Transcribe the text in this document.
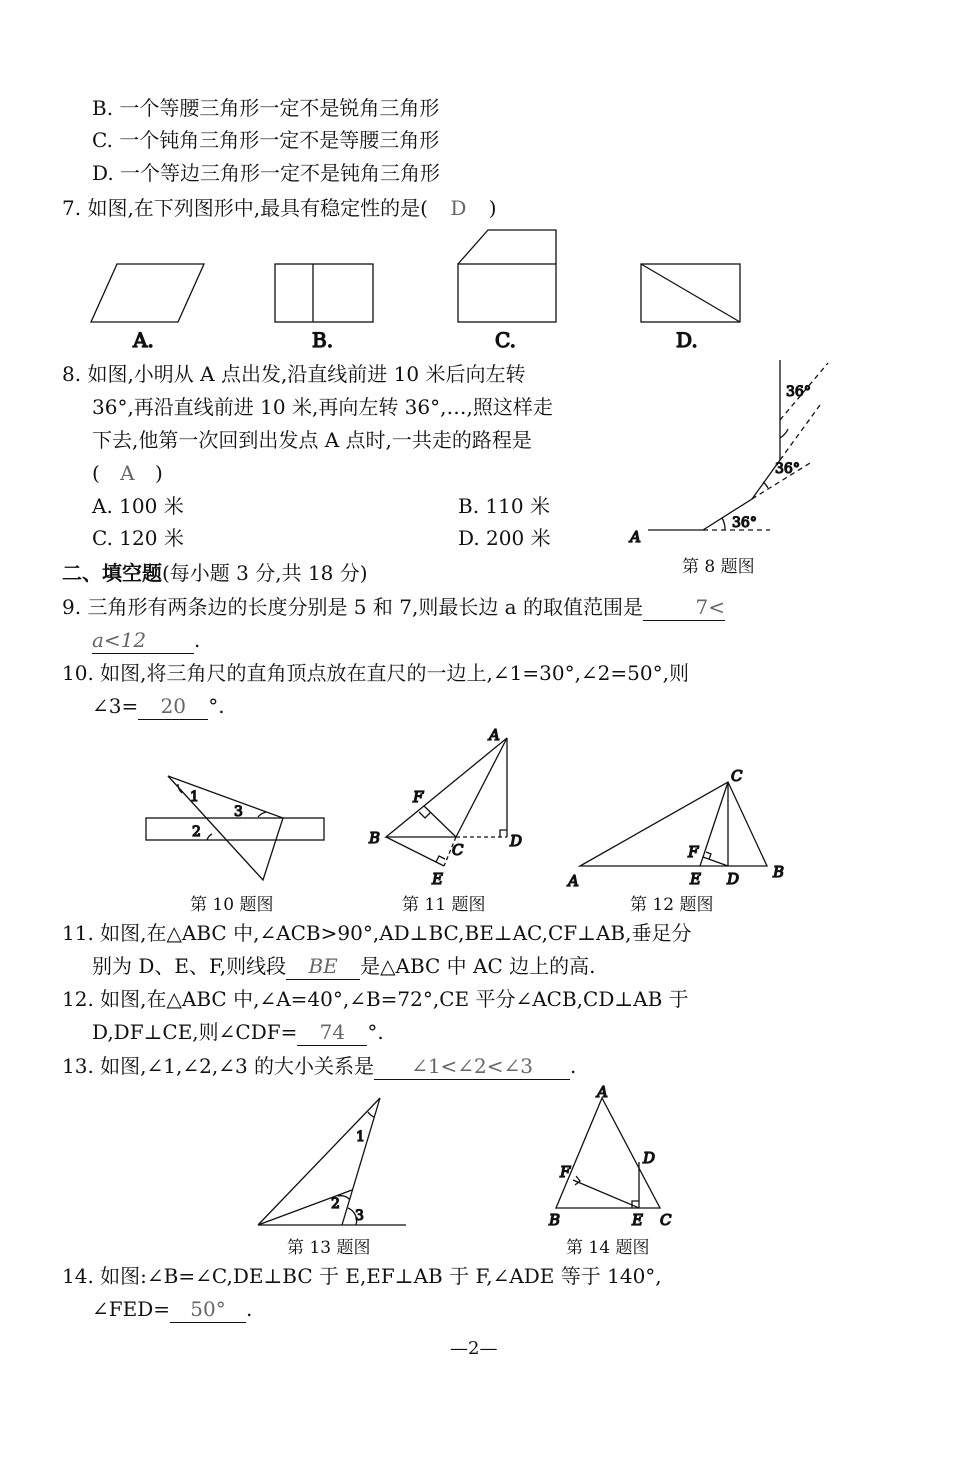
B. 一个等腰三角形一定不是锐角三角形
C. 一个钝角三角形一定不是等腰三角形
D. 一个等边三角形一定不是钝角三角形
7. 如图,在下列图形中,最具有稳定性的是( D )
8. 如图,小明从 A 点出发,沿直线前进 10 米后向左转
36°,再沿直线前进 10 米,再向左转 36°,…,照这样走
下去,他第一次回到出发点 A 点时,一共走的路程是
( A )
A. 100 米	B. 110 米
C. 120 米	D. 200 米
第 8 题图
二、填空题(每小题 3 分,共 18 分)
9. 三角形有两条边的长度分别是 5 和 7,则最长边 a 的取值范围是	7<
a<12 .
10. 如图,将三角尺的直角顶点放在直尺的一边上,∠1=30°,∠2=50°,则
∠3= 20 °.
第 10 题图	第 11 题图	第 12 题图
11. 如图,在△ABC 中,∠ACB>90°,AD⊥BC,BE⊥AC,CF⊥AB,垂足分
别为 D、E、F,则线段 BE 是△ABC 中 AC 边上的高.
12. 如图,在△ABC 中,∠A=40°,∠B=72°,CE 平分∠ACB,CD⊥AB 于
D,DF⊥CE,则∠CDF= 74 °.
13. 如图,∠1,∠2,∠3 的大小关系是 ∠1<∠2<∠3 .
第 13 题图	第 14 题图
14. 如图:∠B=∠C,DE⊥BC 于 E,EF⊥AB 于 F,∠ADE 等于 140°,
∠FED= 50° .
—2—
A.	B.	C.	D.
36°
36°
36°
A
1
2
3
A
F
B
C	D
E
C
F
A	E D B
1
2
3
A
F
D
B	E C
